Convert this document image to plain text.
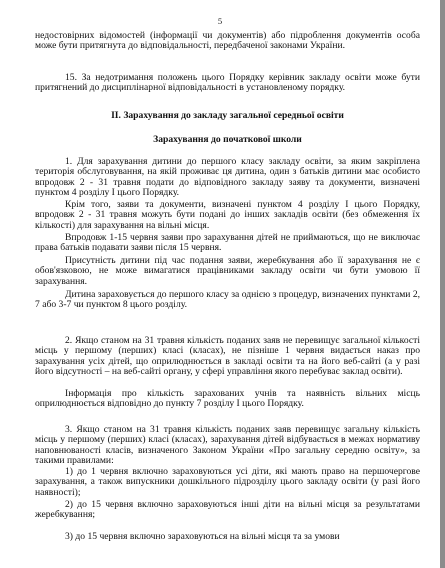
5

недостовірних відомостей (інформації чи документів) або підроблення документів особа може бути притягнута до відповідальності, передбаченої законами України.

15. За недотримання положень цього Порядку керівник закладу освіти може бути притягнений до дисциплінарної відповідальності в установленому порядку.

ІІ. Зарахування до закладу загальної середньої освіти

Зарахування до початкової школи

1. Для зарахування дитини до першого класу закладу освіти, за яким закріплена територія обслуговування, на якій проживає ця дитина, один з батьків дитини має особисто впродовж 2 - 31 травня подати до відповідного закладу заяву та документи, визначені пунктом 4 розділу І цього Порядку.

Крім того, заяви та документи, визначені пунктом 4 розділу І цього Порядку, впродовж 2 - 31 травня можуть бути подані до інших закладів освіти (без обмеження їх кількості) для зарахування на вільні місця.

Впродовж 1-15 червня заяви про зарахування дітей не приймаються, що не виключає права батьків подавати заяви після 15 червня.

Присутність дитини під час подання заяви, жеребкування або її зарахування не є обов'язковою, не може вимагатися працівниками закладу освіти чи бути умовою її зарахування.

Дитина зараховується до першого класу за однією з процедур, визначених пунктами 2, 7 або 3-7 чи пунктом 8 цього розділу.

2. Якщо станом на 31 травня кількість поданих заяв не перевищує загальної кількості місць у першому (перших) класі (класах), не пізніше 1 червня видається наказ про зарахування усіх дітей, що оприлюднюється в закладі освіти та на його веб-сайті (а у разі його відсутності – на веб-сайті органу, у сфері управління якого перебуває заклад освіти).

Інформація про кількість зарахованих учнів та наявність вільних місць оприлюднюється відповідно до пункту 7 розділу І цього Порядку.

3. Якщо станом на 31 травня кількість поданих заяв перевищує загальну кількість місць у першому (перших) класі (класах), зарахування дітей відбувається в межах нормативу наповнюваності класів, визначеного Законом України «Про загальну середню освіту», за такими правилами:

1) до 1 червня включно зараховуються усі діти, які мають право на першочергове зарахування, а також випускники дошкільного підрозділу цього закладу освіти (у разі його наявності);

2) до 15 червня включно зараховуються інші діти на вільні місця за результатами жеребкування;

3) до 15 червня включно зараховуються на вільні місця та за умови
